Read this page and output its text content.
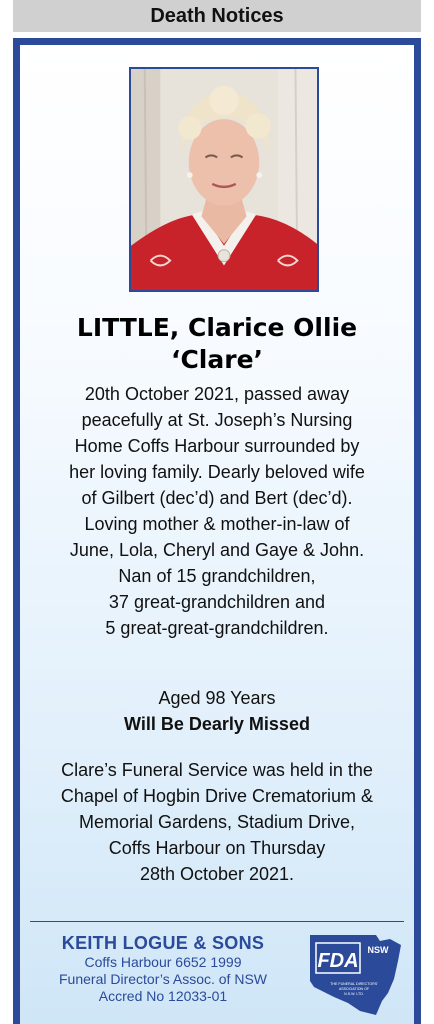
Death Notices
LITTLE, Clarice Ollie
‘Clare’
20th October 2021, passed away
peacefully at St. Joseph’s Nursing
Home Coffs Harbour surrounded by
her loving family. Dearly beloved wife
of Gilbert (dec’d) and Bert (dec’d).
Loving mother & mother-in-law of
June, Lola, Cheryl and Gaye & John.
Nan of 15 grandchildren,
37 great-grandchildren and
5 great-great-grandchildren.
Aged 98 Years
Will Be Dearly Missed
Clare’s Funeral Service was held in the
Chapel of Hogbin Drive Crematorium &
Memorial Gardens, Stadium Drive,
Coffs Harbour on Thursday
28th October 2021.
KEITH LOGUE & SONS
Coffs Harbour 6652 1999
Funeral Director’s Assoc. of NSW
Accred No 12033-01
FDA NSW
THE FUNERAL DIRECTORS'
ASSOCIATION OF
N.S.W. LTD.
